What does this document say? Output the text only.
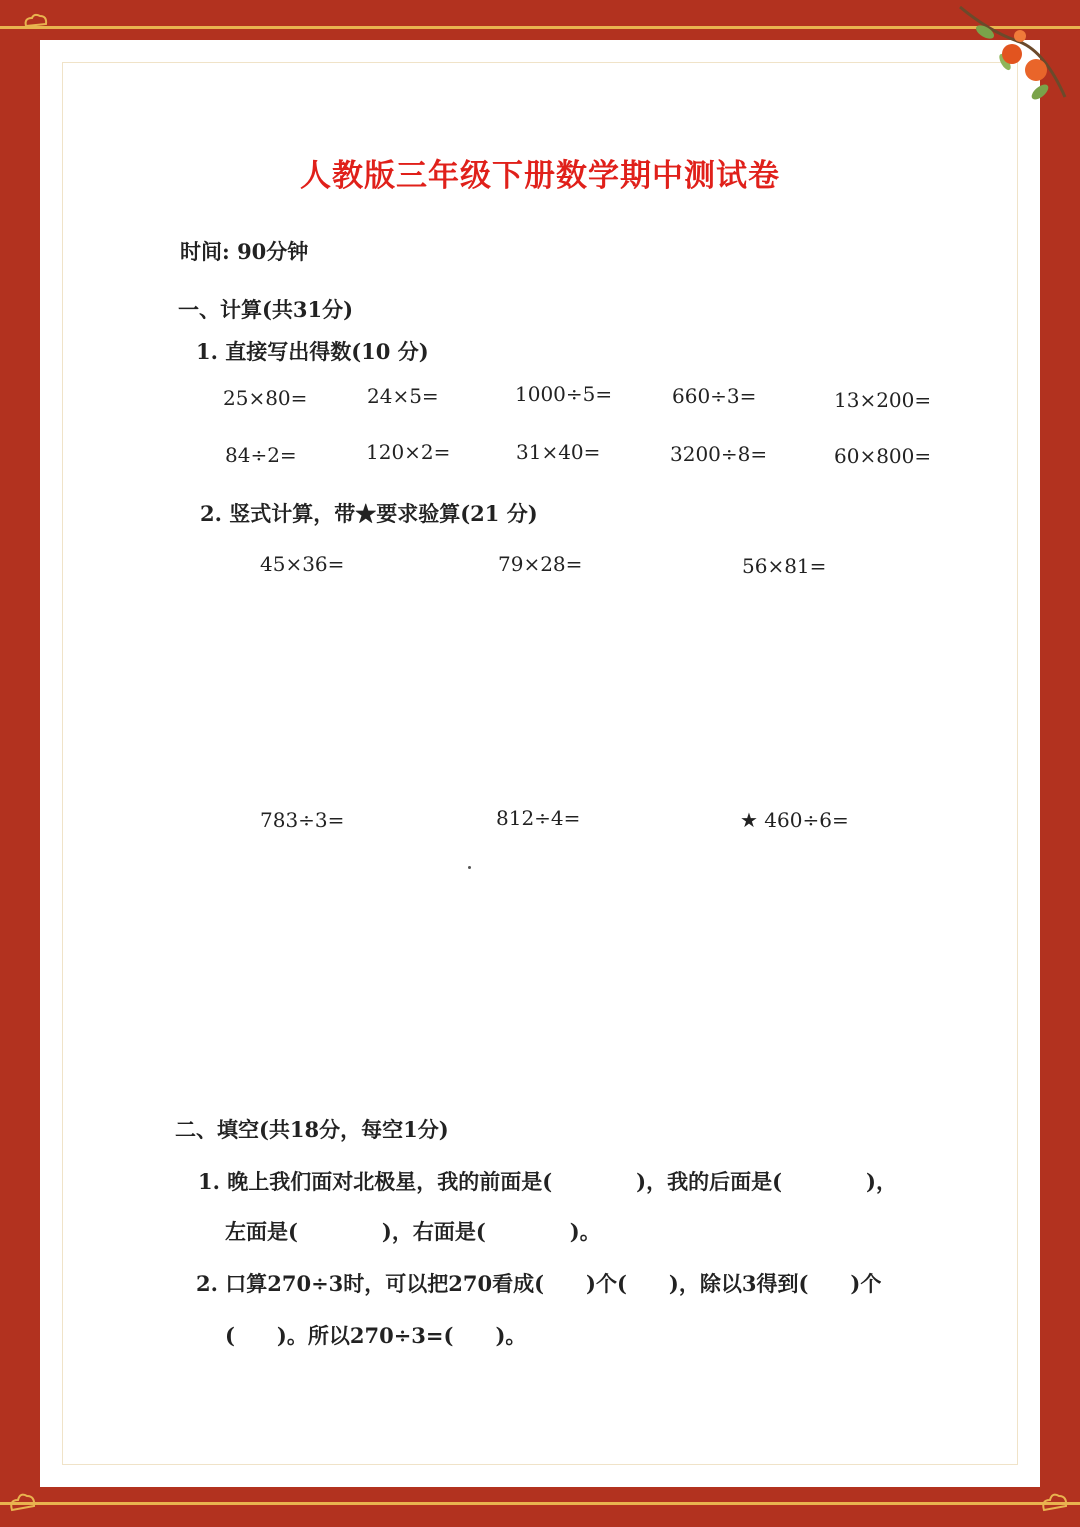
人教版三年级下册数学期中测试卷
时间: 90分钟
一、计算(共31分)
1. 直接写出得数(10 分)
25×80=	24×5=	1000÷5=	660÷3=	13×200=
84÷2=	120×2=	31×40=	3200÷8=	60×800=
2. 竖式计算，带★要求验算(21 分)
45×36=	79×28=	56×81=
783÷3=	812÷4=	★ 460÷6=
二、填空(共18分，每空1分)
1. 晚上我们面对北极星，我的前面是(　　　　)，我的后面是(　　　　)，
左面是(　　　　)，右面是(　　　　)。
2. 口算270÷3时，可以把270看成(　　)个(　　)，除以3得到(　　)个
(　　)。所以270÷3=(　　)。
